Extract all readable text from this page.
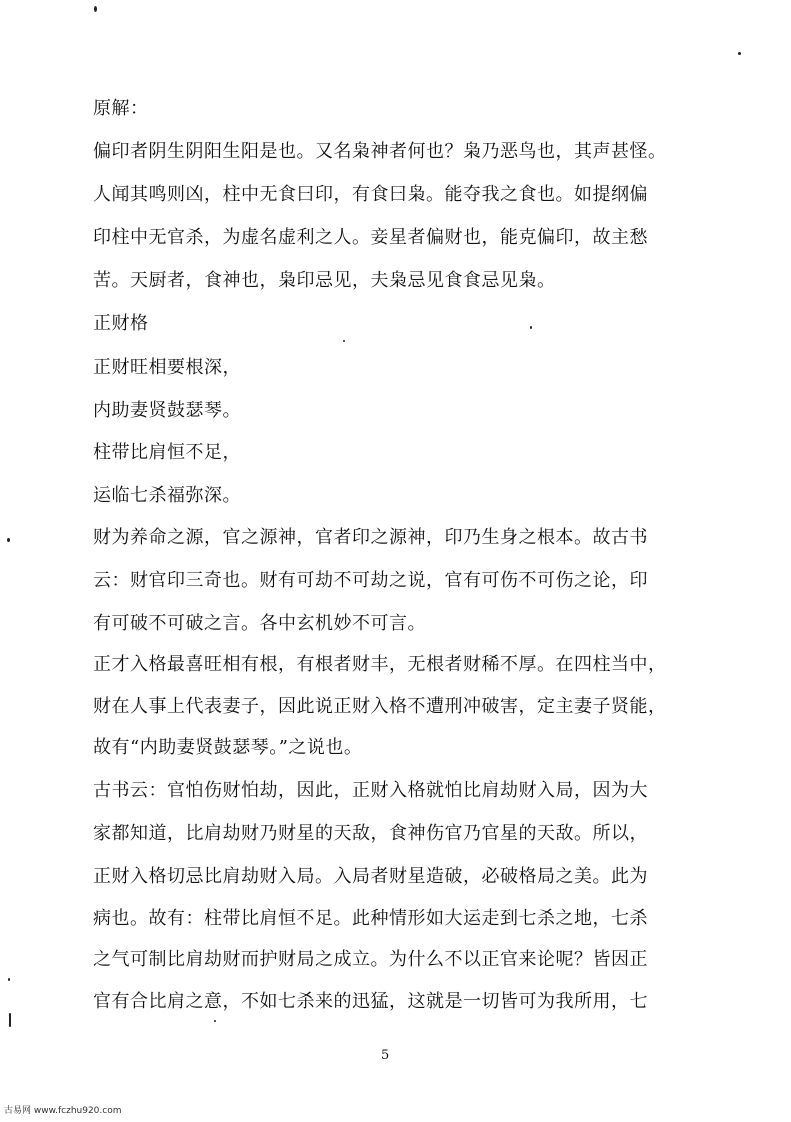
原解：
偏印者阴生阴阳生阳是也。又名枭神者何也？枭乃恶鸟也，其声甚怪。
人闻其鸣则凶，柱中无食曰印，有食曰枭。能夺我之食也。如提纲偏
印柱中无官杀，为虚名虚利之人。妾星者偏财也，能克偏印，故主愁
苦。天厨者，食神也，枭印忌见，夫枭忌见食食忌见枭。
正财格
正财旺相要根深，
内助妻贤鼓瑟琴。
柱带比肩恒不足，
运临七杀福弥深。
财为养命之源，官之源神，官者印之源神，印乃生身之根本。故古书
云：财官印三奇也。财有可劫不可劫之说，官有可伤不可伤之论，印
有可破不可破之言。各中玄机妙不可言。
正才入格最喜旺相有根，有根者财丰，无根者财稀不厚。在四柱当中，
财在人事上代表妻子，因此说正财入格不遭刑冲破害，定主妻子贤能，
故有“内助妻贤鼓瑟琴。”之说也。
古书云：官怕伤财怕劫，因此，正财入格就怕比肩劫财入局，因为大
家都知道，比肩劫财乃财星的天敌，食神伤官乃官星的天敌。所以，
正财入格切忌比肩劫财入局。入局者财星造破，必破格局之美。此为
病也。故有：柱带比肩恒不足。此种情形如大运走到七杀之地，七杀
之气可制比肩劫财而护财局之成立。为什么不以正官来论呢？皆因正
官有合比肩之意，不如七杀来的迅猛，这就是一切皆可为我所用，七
5
古易网 www.fczhu920.com
